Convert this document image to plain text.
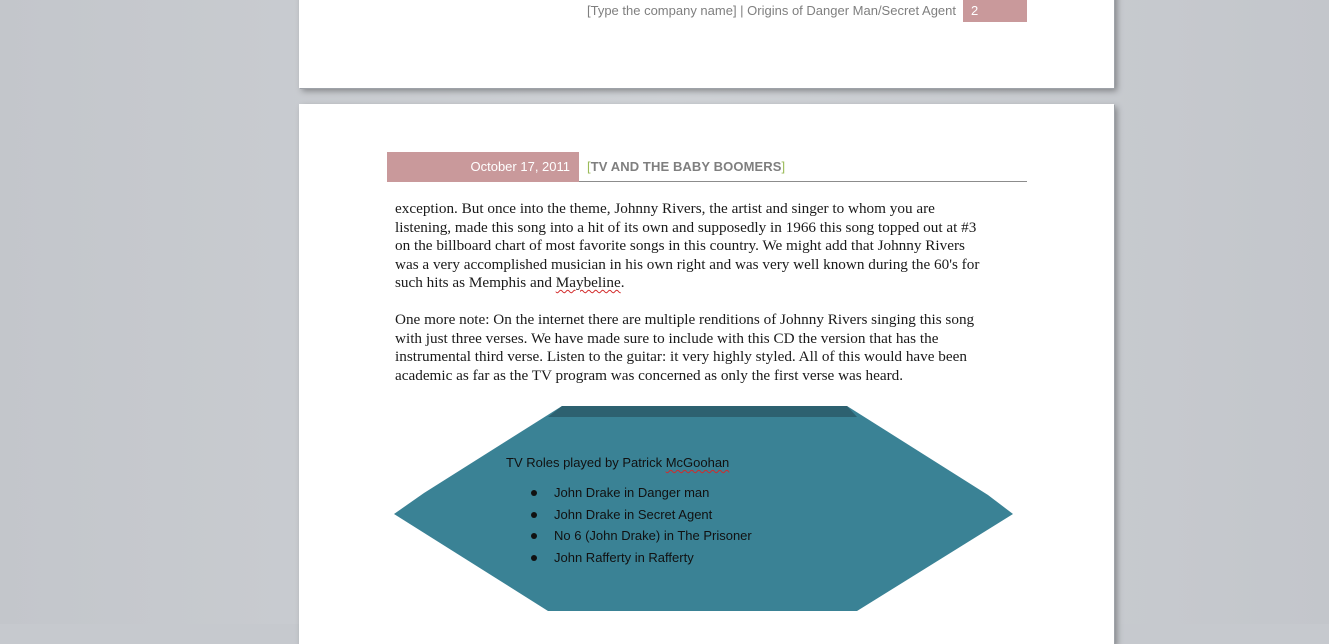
[Type the company name] | Origins of Danger Man/Secret Agent	2
October 17, 2011	[TV AND THE BABY BOOMERS]

exception. But once into the theme, Johnny Rivers, the artist and singer to whom you are
listening, made this song into a hit of its own and supposedly in 1966 this song topped out at #3
on the billboard chart of most favorite songs in this country. We might add that Johnny Rivers
was a very accomplished musician in his own right and was very well known during the 60's for
such hits as Memphis and Maybeline.

One more note: On the internet there are multiple renditions of Johnny Rivers singing this song
with just three verses. We have made sure to include with this CD the version that has the
instrumental third verse. Listen to the guitar: it very highly styled. All of this would have been
academic as far as the TV program was concerned as only the first verse was heard.

TV Roles played by Patrick McGoohan
John Drake in Danger man
John Drake in Secret Agent
No 6 (John Drake) in The Prisoner
John Rafferty in Rafferty
